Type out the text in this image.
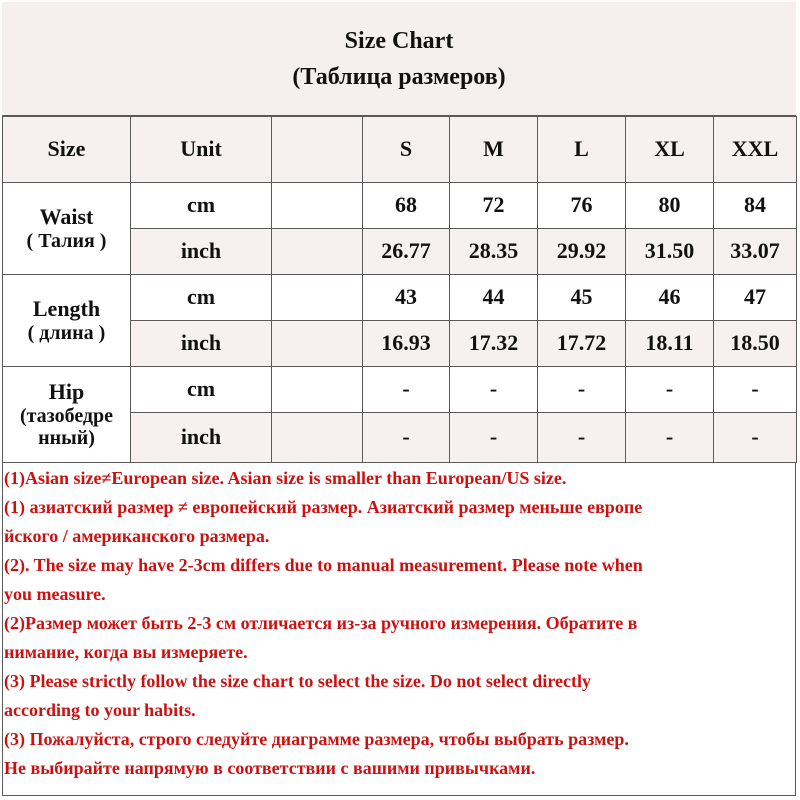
Size Chart
(Таблица размеров)
Size	Unit		S	M	L	XL	XXL

Waist
( Талия )	cm		68	72	76	80	84
	inch		26.77	28.35	29.92	31.50	33.07

Length
( длина )	cm		43	44	45	46	47
	inch		16.93	17.32	17.72	18.11	18.50

Hip
(тазобедре нный)	cm		-	-	-	-	-
	inch		-	-	-	-	-
(1)Asian size≠European size. Asian size is smaller than European/US size.
(1) азиатский размер ≠ европейский размер. Азиатский размер меньше европе
йского / американского размера.
(2). The size may have 2-3cm differs due to manual measurement. Please note when
you measure.
(2)Размер может быть 2-3 см отличается из-за ручного измерения. Обратите в
нимание, когда вы измеряете.
(3) Please strictly follow the size chart to select the size. Do not select directly
according to your habits.
(3) Пожалуйста, строго следуйте диаграмме размера, чтобы выбрать размер.
Не выбирайте напрямую в соответствии с вашими привычками.
